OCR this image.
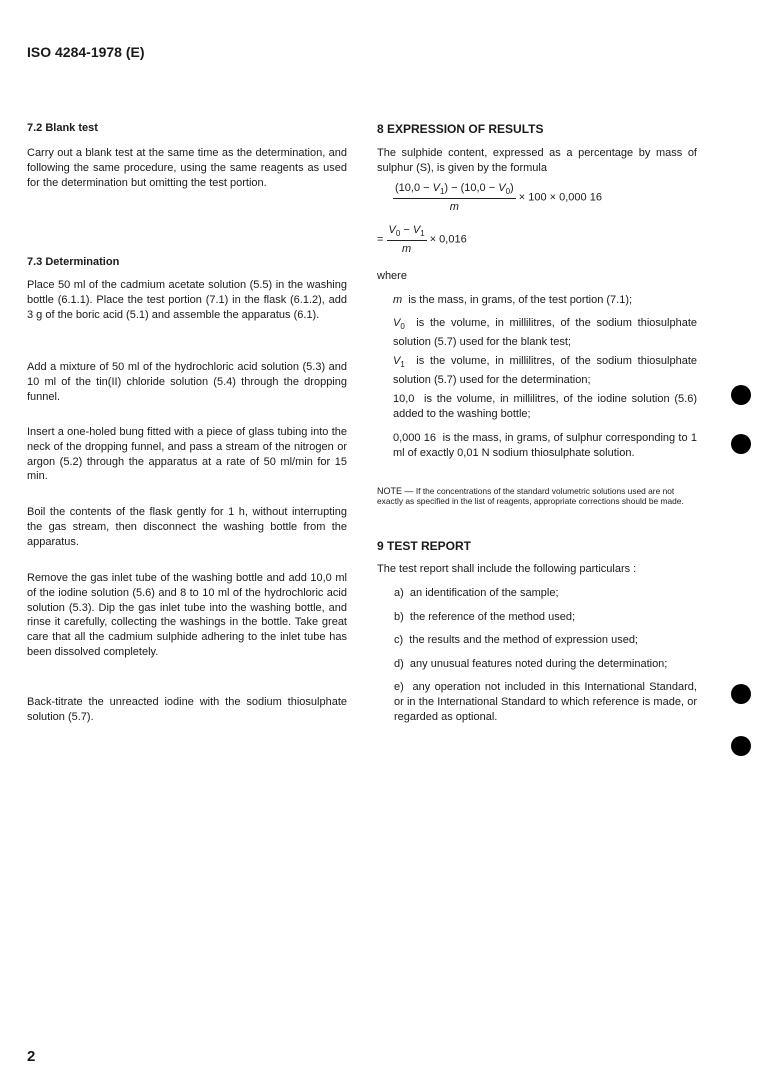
ISO 4284-1978 (E)
7.2 Blank test

Carry out a blank test at the same time as the determination, and following the same procedure, using the same reagents as used for the determination but omitting the test portion.

7.3 Determination

Place 50 ml of the cadmium acetate solution (5.5) in the washing bottle (6.1.1). Place the test portion (7.1) in the flask (6.1.2), add 3 g of the boric acid (5.1) and assemble the apparatus (6.1).

Add a mixture of 50 ml of the hydrochloric acid solution (5.3) and 10 ml of the tin(II) chloride solution (5.4) through the dropping funnel.

Insert a one-holed bung fitted with a piece of glass tubing into the neck of the dropping funnel, and pass a stream of the nitrogen or argon (5.2) through the apparatus at a rate of 50 ml/min for 15 min.

Boil the contents of the flask gently for 1 h, without interrupting the gas stream, then disconnect the washing bottle from the apparatus.

Remove the gas inlet tube of the washing bottle and add 10,0 ml of the iodine solution (5.6) and 8 to 10 ml of the hydrochloric acid solution (5.3). Dip the gas inlet tube into the washing bottle, and rinse it carefully, collecting the washings in the bottle. Take great care that all the cadmium sulphide adhering to the inlet tube has been dissolved completely.

Back-titrate the unreacted iodine with the sodium thiosulphate solution (5.7).

8 EXPRESSION OF RESULTS

The sulphide content, expressed as a percentage by mass of sulphur (S), is given by the formula

$\frac{(10,0 - V_1) - (10,0 - V_0)}{m} \times 100 \times 0,000$ 16
= $\frac{V_0 - V_1}{m} \times 0,016$

where

m is the mass, in grams, of the test portion (7.1);
$V_0$ is the volume, in millilitres, of the sodium thiosulphate solution (5.7) used for the blank test;
$V_1$ is the volume, in millilitres, of the sodium thiosulphate solution (5.7) used for the determination;
10,0 is the volume, in millilitres, of the iodine solution (5.6) added to the washing bottle;
0,000 16 is the mass, in grams, of sulphur corresponding to 1 ml of exactly 0,01 N sodium thiosulphate solution.
NOTE — If the concentrations of the standard volumetric solutions used are not exactly as specified in the list of reagents, appropriate corrections should be made.
9 TEST REPORT

The test report shall include the following particulars :

a) an identification of the sample;
b) the reference of the method used;
c) the results and the method of expression used;
d) any unusual features noted during the determination;
e) any operation not included in this International Standard, or in the International Standard to which reference is made, or regarded as optional.
2
